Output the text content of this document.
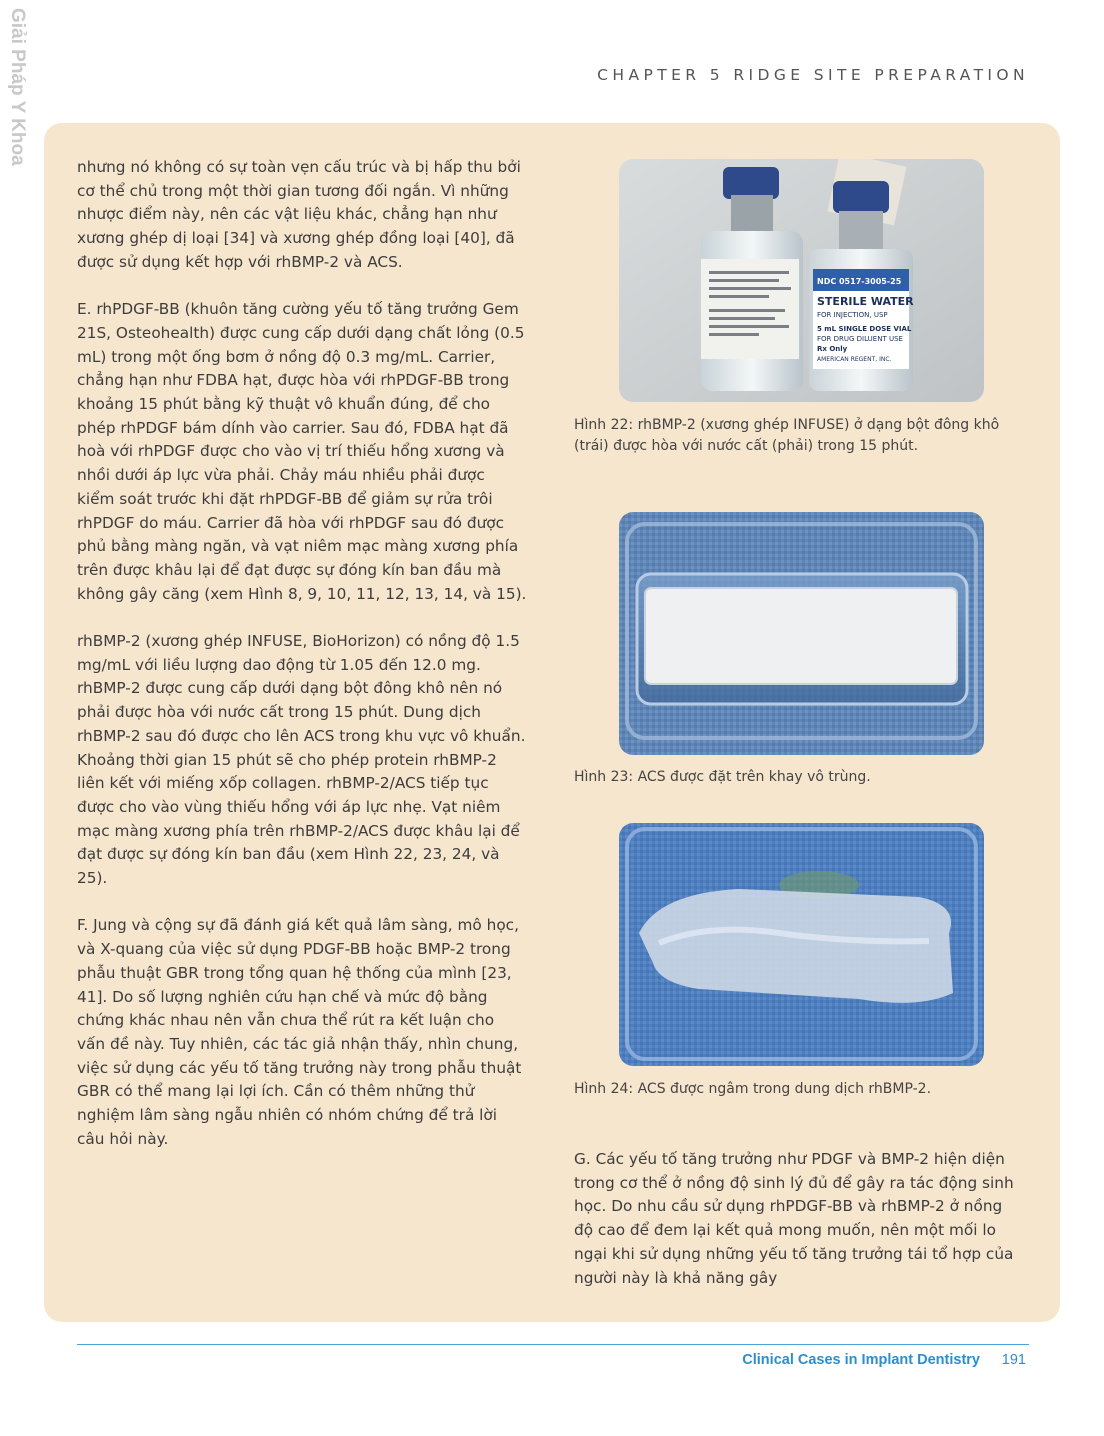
Giải Pháp Y Khoa	CHAPTER 5 RIDGE SITE PREPARATION

nhưng nó không có sự toàn vẹn cấu trúc và bị hấp thu bởi cơ thể chủ trong một thời gian tương đối ngắn. Vì những nhược điểm này, nên các vật liệu khác, chẳng hạn như xương ghép dị loại [34] và xương ghép đồng loại [40], đã được sử dụng kết hợp với rhBMP-2 và ACS.

E. rhPDGF-BB (khuôn tăng cường yếu tố tăng trưởng Gem 21S, Osteohealth) được cung cấp dưới dạng chất lỏng (0.5 mL) trong một ống bơm ở nồng độ 0.3 mg/mL. Carrier, chẳng hạn như FDBA hạt, được hòa với rhPDGF-BB trong khoảng 15 phút bằng kỹ thuật vô khuẩn đúng, để cho phép rhPDGF bám dính vào carrier. Sau đó, FDBA hạt đã hoà với rhPDGF được cho vào vị trí thiếu hổng xương và nhồi dưới áp lực vừa phải. Chảy máu nhiều phải được kiểm soát trước khi đặt rhPDGF-BB để giảm sự rửa trôi rhPDGF do máu. Carrier đã hòa với rhPDGF sau đó được phủ bằng màng ngăn, và vạt niêm mạc màng xương phía trên được khâu lại để đạt được sự đóng kín ban đầu mà không gây căng (xem Hình 8, 9, 10, 11, 12, 13, 14, và 15).

rhBMP-2 (xương ghép INFUSE, BioHorizon) có nồng độ 1.5 mg/mL với liều lượng dao động từ 1.05 đến 12.0 mg. rhBMP-2 được cung cấp dưới dạng bột đông khô nên nó phải được hòa với nước cất trong 15 phút. Dung dịch rhBMP-2 sau đó được cho lên ACS trong khu vực vô khuẩn. Khoảng thời gian 15 phút sẽ cho phép protein rhBMP-2 liên kết với miếng xốp collagen. rhBMP-2/ACS tiếp tục được cho vào vùng thiếu hổng với áp lực nhẹ. Vạt niêm mạc màng xương phía trên rhBMP-2/ACS được khâu lại để đạt được sự đóng kín ban đầu (xem Hình 22, 23, 24, và 25).

F. Jung và cộng sự đã đánh giá kết quả lâm sàng, mô học, và X-quang của việc sử dụng PDGF-BB hoặc BMP-2 trong phẫu thuật GBR trong tổng quan hệ thống của mình [23, 41]. Do số lượng nghiên cứu hạn chế và mức độ bằng chứng khác nhau nên vẫn chưa thể rút ra kết luận cho vấn đề này. Tuy nhiên, các tác giả nhận thấy, nhìn chung, việc sử dụng các yếu tố tăng trưởng này trong phẫu thuật GBR có thể mang lại lợi ích. Cần có thêm những thử nghiệm lâm sàng ngẫu nhiên có nhóm chứng để trả lời câu hỏi này.

NDC 0517-3005-25
STERILE WATER
FOR INJECTION, USP
5 mL SINGLE DOSE VIAL
FOR DRUG DILUENT USE
Rx Only
AMERICAN REGENT, INC.
Hình 22: rhBMP-2 (xương ghép INFUSE) ở dạng bột đông khô (trái) được hòa với nước cất (phải) trong 15 phút.
Hình 23: ACS được đặt trên khay vô trùng.
Hình 24: ACS được ngâm trong dung dịch rhBMP-2.
G. Các yếu tố tăng trưởng như PDGF và BMP-2 hiện diện trong cơ thể ở nồng độ sinh lý đủ để gây ra tác động sinh học. Do nhu cầu sử dụng rhPDGF-BB và rhBMP-2 ở nồng độ cao để đem lại kết quả mong muốn, nên một mối lo ngại khi sử dụng những yếu tố tăng trưởng tái tổ hợp của người này là khả năng gây
Clinical Cases in Implant Dentistry 191
